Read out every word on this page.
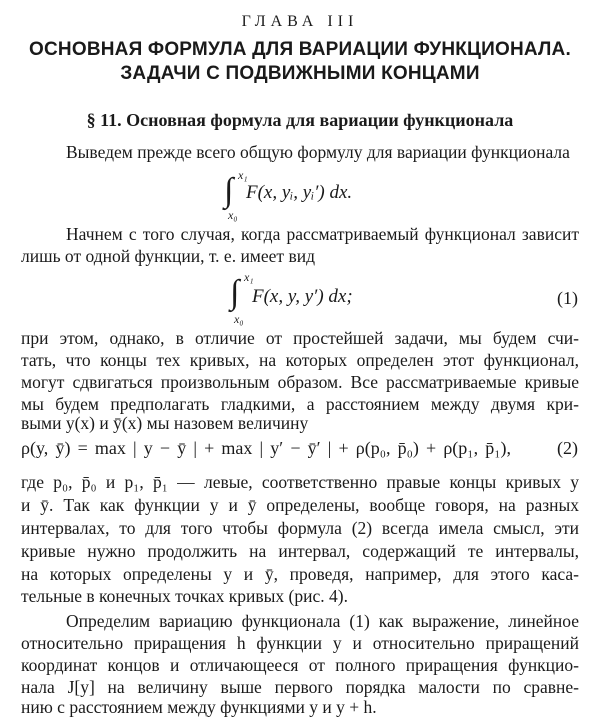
ГЛАВА III
ОСНОВНАЯ ФОРМУЛА ДЛЯ ВАРИАЦИИ ФУНКЦИОНАЛА.
ЗАДАЧИ С ПОДВИЖНЫМИ КОНЦАМИ
§ 11. Основная формула для вариации функционала
Выведем прежде всего общую формулу для вариации функционала
x₁
∫
x₀
F(x, yᵢ, yᵢ′) dx.
Начнем с того случая, когда рассматриваемый функционал зависит
лишь от одной функции, т. е. имеет вид
x₁
∫
x₀
F(x, y, y′) dx;	(1)
при этом, однако, в отличие от простейшей задачи, мы будем счи-
тать, что концы тех кривых, на которых определен этот функционал,
могут сдвигаться произвольным образом. Все рассматриваемые кривые
мы будем предполагать гладкими, а расстоянием между двумя кри-
выми y(x) и ȳ(x) мы назовем величину
ρ(y, ȳ) = max | y − ȳ | + max | y′ − ȳ′ | + ρ(p₀, p̄₀) + ρ(p₁, p̄₁),	(2)
где p₀, p̄₀ и p₁, p̄₁ — левые, соответственно правые концы кривых y
и ȳ. Так как функции y и ȳ определены, вообще говоря, на разных
интервалах, то для того чтобы формула (2) всегда имела смысл, эти
кривые нужно продолжить на интервал, содержащий те интервалы,
на которых определены y и ȳ, проведя, например, для этого каса-
тельные в конечных точках кривых (рис. 4).
Определим вариацию функционала (1) как выражение, линейное
относительно приращения h функции y и относительно приращений
координат концов и отличающееся от полного приращения функцио-
нала J[y] на величину выше первого порядка малости по сравне-
нию с расстоянием между функциями y и y + h.
